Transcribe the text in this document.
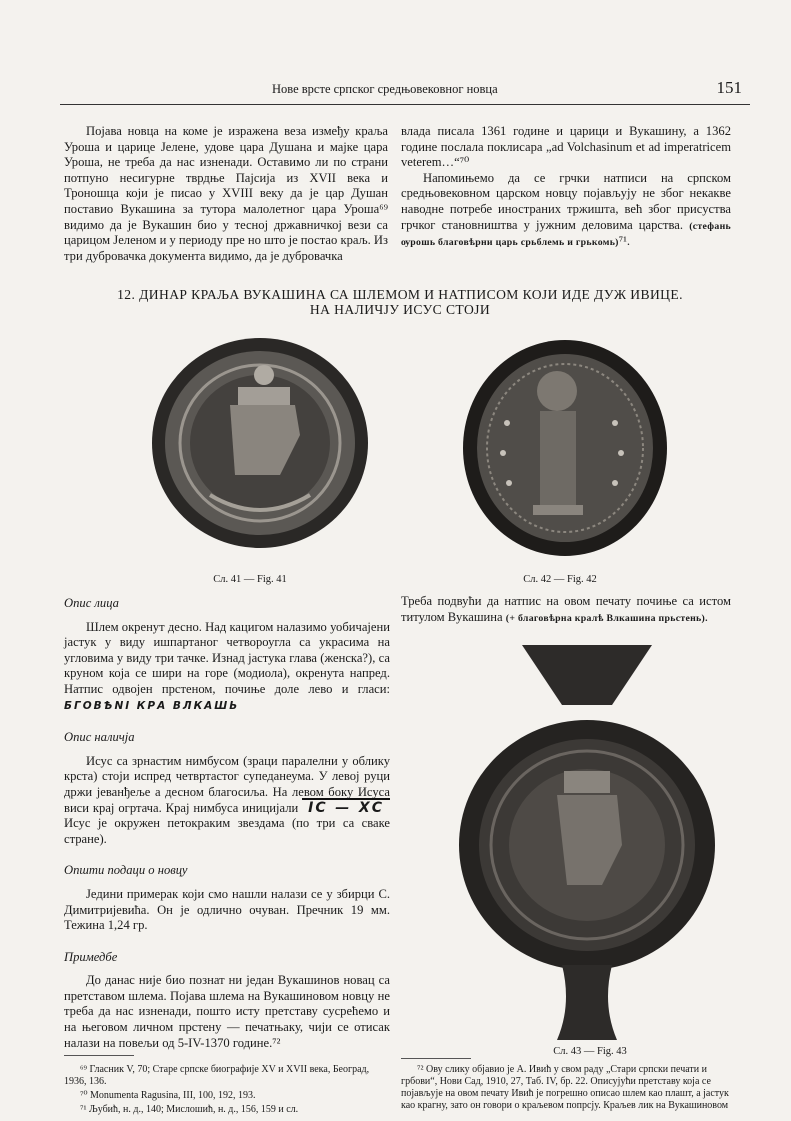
Нове врсте српског средњовековног новца	151

Појава новца на коме је изражена веза између краља Уроша и царице Јелене, удове цара Душана и мајке цара Уроша, не треба да нас изненади. Оставимо ли по страни потпуно несигурне тврдње Пајсија из XVII века и Троношца који је писао у XVIII веку да је цар Душан поставио Вукашина за тутора малолетног цара Уроша⁶⁹ видимо да је Вукашин био у тесној државничкој вези са царицом Јеленом и у периоду пре но што је постао краљ. Из три дубровачка документа видимо, да је дубровачка

влада писала 1361 године и царици и Вукашину, а 1362 године послала поклисара „ad Volchasinum et ad imperatricem veterem…“⁷⁰

Напомињемо да се грчки натписи на српском средњовековном царском новцу појављују не због некакве наводне потребе иностраних тржишта, већ због присуства грчког становништва у јужним деловима царства. (стефань ѹрошь благовѣрни царь срьблемь и грькомь)⁷¹.

12. ДИНАР КРАЉА ВУКАШИНА СА ШЛЕМОМ И НАТПИСОМ КОЈИ ИДЕ ДУЖ ИВИЦЕ.
НА НАЛИЧЈУ ИСУС СТОЈИ
Сл. 41 — Fig. 41	Сл. 42 — Fig. 42
Опис лица

Шлем окренут десно. Над кацигом налазимо уобичајени јастук у виду ишпартаног четвороугла са украсима на угловима у виду три тачке. Изнад јастука глава (женска?), са круном која се шири на горе (модиола), окренута напред. Натпис одвојен прстеном, почиње доле лево и гласи: БΓОВѢNI КРА ВЛКАШЬ

Опис наличја

Исус са зрнастим нимбусом (зраци паралелни у облику крста) стоји испред четвртастог супеданеума. У левој руци држи јеванђеље а десном благосиља. На левом боку Исуса виси крај огртача. Крај нимбуса иницијали IC — ХC Исус је окружен петокраким звездама (по три са сваке стране).

Општи подаци о новцу

Једини примерак који смо нашли налази се у збирци С. Димитријевића. Он је одлично очуван. Пречник 19 мм. Тежина 1,24 гр.

Примедбе

До данас није био познат ни један Вукашинов новац са претставом шлема. Појава шлема на Вукашиновом новцу не треба да нас изненади, пошто исту претставу сусрећемо и на његовом личном прстену — печатњаку, чији се отисак налази на повељи од 5-IV-1370 године.⁷²

Треба подвући да натпис на овом печату почиње са истом титулом Вукашина (+ благовѣрна кралѣ Влкашина прьстень).

Сл. 43 — Fig. 43

⁶⁹ Гласник V, 70; Старе српске биографије XV и XVII века, Београд, 1936, 136.

⁷⁰ Monumenta Ragusina, III, 100, 192, 193.

⁷¹ Љубић, н. д., 140; Мислошић, н. д., 156, 159 и сл.

⁷² Ову слику објавио је А. Ивић у свом раду „Стари српски печати и грбови“, Нови Сад, 1910, 27, Таб. IV, бр. 22. Описујући претставу која се појављује на овом печату Ивић је погрешно описао шлем као плашт, а јастук као крагну, зато он говори о краљевом попрсју. Краљев лик на Вукашиновом
